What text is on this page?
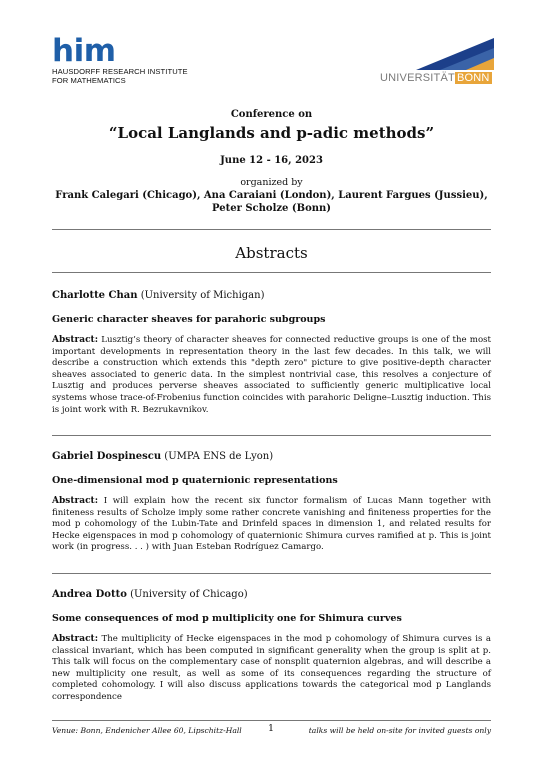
him
HAUSDORFF RESEARCH INSTITUTE
FOR MATHEMATICS	UNIVERSITÄT BONN
Conference on
“Local Langlands and p-adic methods”
June 12 - 16, 2023
organized by
Frank Calegari (Chicago), Ana Caraiani (London), Laurent Fargues (Jussieu),
Peter Scholze (Bonn)
Abstracts
Charlotte Chan (University of Michigan)
Generic character sheaves for parahoric subgroups
Abstract: Lusztig’s theory of character sheaves for connected reductive groups is one of the most important developments in representation theory in the last few decades. In this talk, we will describe a construction which extends this "depth zero" picture to give positive-depth character sheaves associated to generic data. In the simplest nontrivial case, this resolves a conjecture of Lusztig and produces perverse sheaves associated to sufficiently generic multiplicative local systems whose trace-of-Frobenius function coincides with parahoric Deligne–Lusztig induction. This is joint work with R. Bezrukavnikov.
Gabriel Dospinescu (UMPA ENS de Lyon)
One-dimensional mod p quaternionic representations
Abstract: I will explain how the recent six functor formalism of Lucas Mann together with finiteness results of Scholze imply some rather concrete vanishing and finiteness properties for the mod p cohomology of the Lubin-Tate and Drinfeld spaces in dimension 1, and related results for Hecke eigenspaces in mod p cohomology of quaternionic Shimura curves ramified at p. This is joint work (in progress. . . ) with Juan Esteban Rodríguez Camargo.
Andrea Dotto (University of Chicago)
Some consequences of mod p multiplicity one for Shimura curves
Abstract: The multiplicity of Hecke eigenspaces in the mod p cohomology of Shimura curves is a classical invariant, which has been computed in significant generality when the group is split at p. This talk will focus on the complementary case of nonsplit quaternion algebras, and will describe a new multiplicity one result, as well as some of its consequences regarding the structure of completed cohomology. I will also discuss applications towards the categorical mod p Langlands correspondence
Venue: Bonn, Endenicher Allee 60, Lipschitz-Hall	1	talks will be held on-site for invited guests only
